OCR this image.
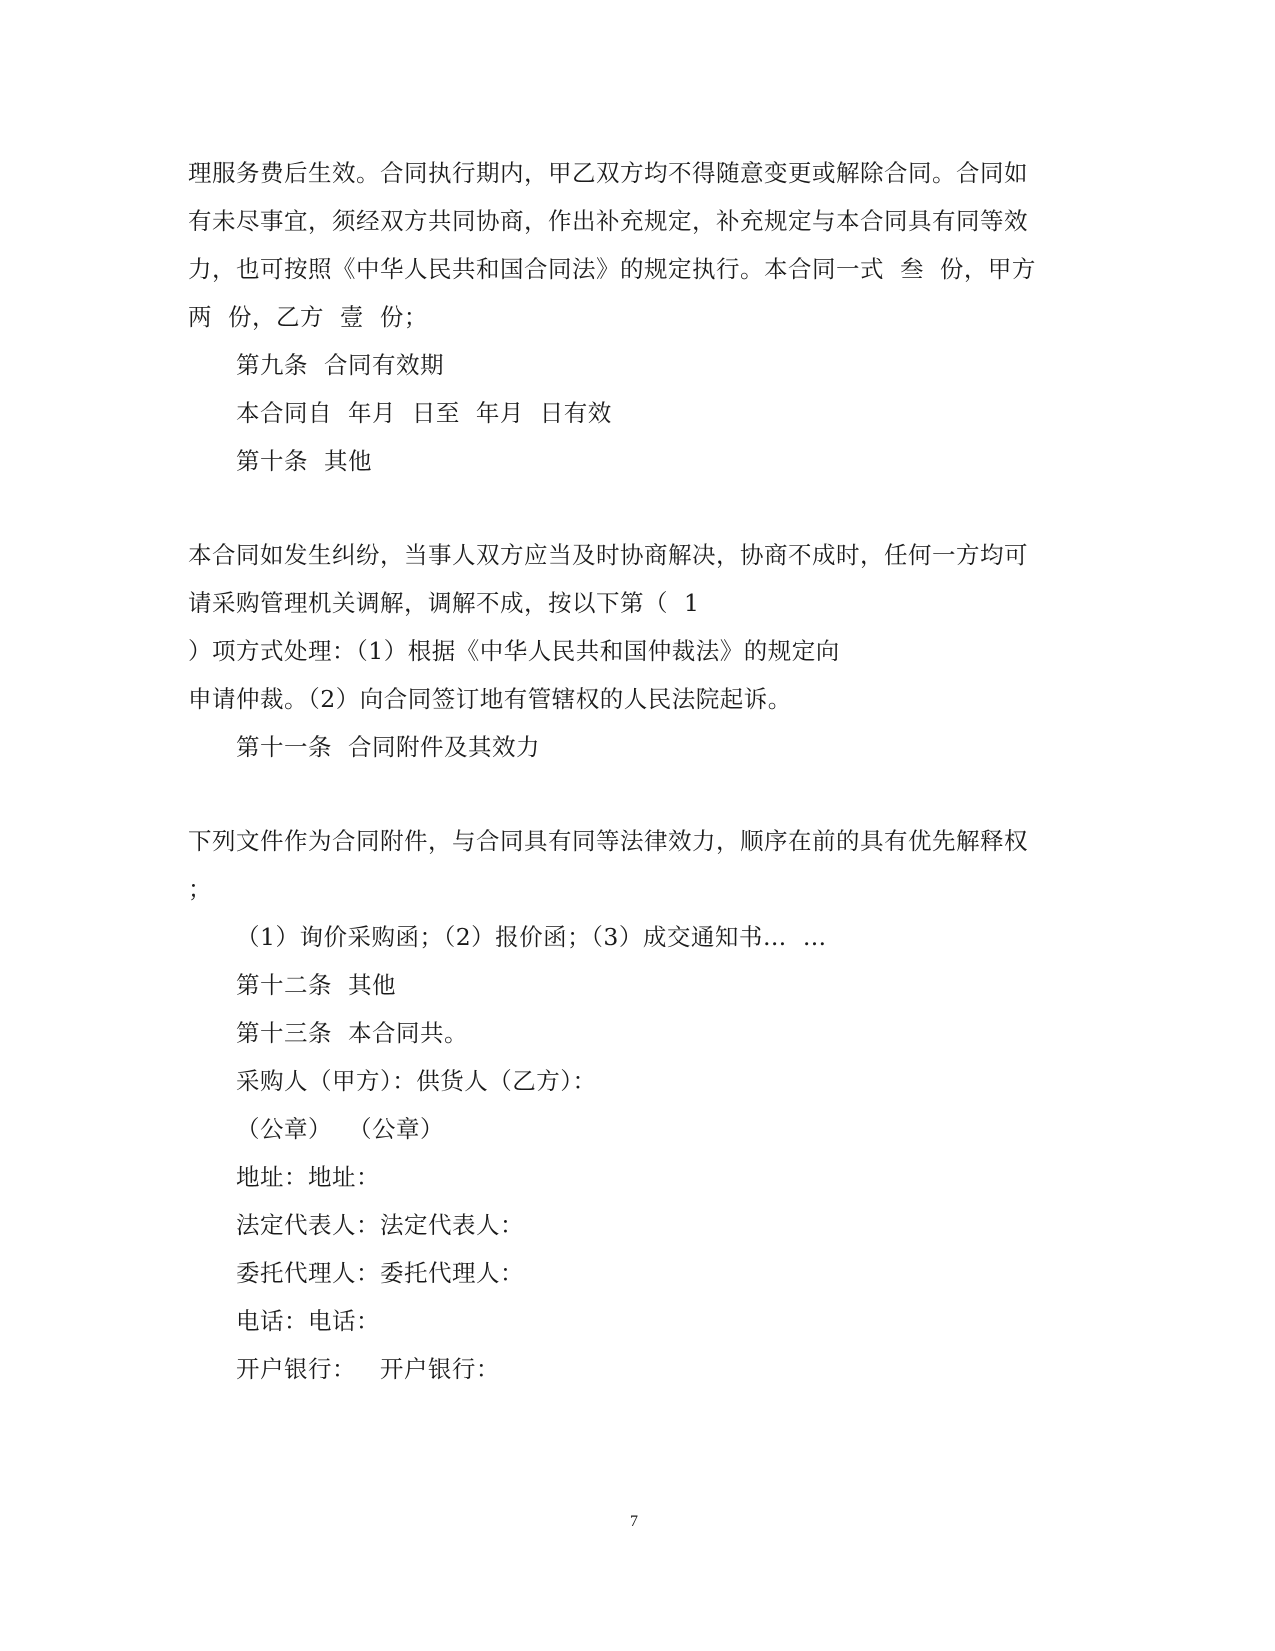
理服务费后生效。合同执行期内，甲乙双方均不得随意变更或解除合同。合同如
有未尽事宜，须经双方共同协商，作出补充规定，补充规定与本合同具有同等效
力，也可按照《中华人民共和国合同法》的规定执行。本合同一式  叁  份，甲方
两  份，乙方  壹  份；
第九条  合同有效期
本合同自  年月  日至  年月  日有效
第十条  其他
本合同如发生纠纷，当事人双方应当及时协商解决，协商不成时，任何一方均可
请采购管理机关调解，调解不成，按以下第（  1
）项方式处理：（1）根据《中华人民共和国仲裁法》的规定向
申请仲裁。（2）向合同签订地有管辖权的人民法院起诉。
第十一条  合同附件及其效力
下列文件作为合同附件，与合同具有同等法律效力，顺序在前的具有优先解释权
；
（1）询价采购函；（2）报价函；（3）成交通知书…  …
第十二条  其他
第十三条  本合同共。
采购人（甲方）：供货人（乙方）：
（公章）  （公章）
地址：地址：
法定代表人：法定代表人：
委托代理人：委托代理人：
电话：电话：
开户银行：   开户银行：
7
